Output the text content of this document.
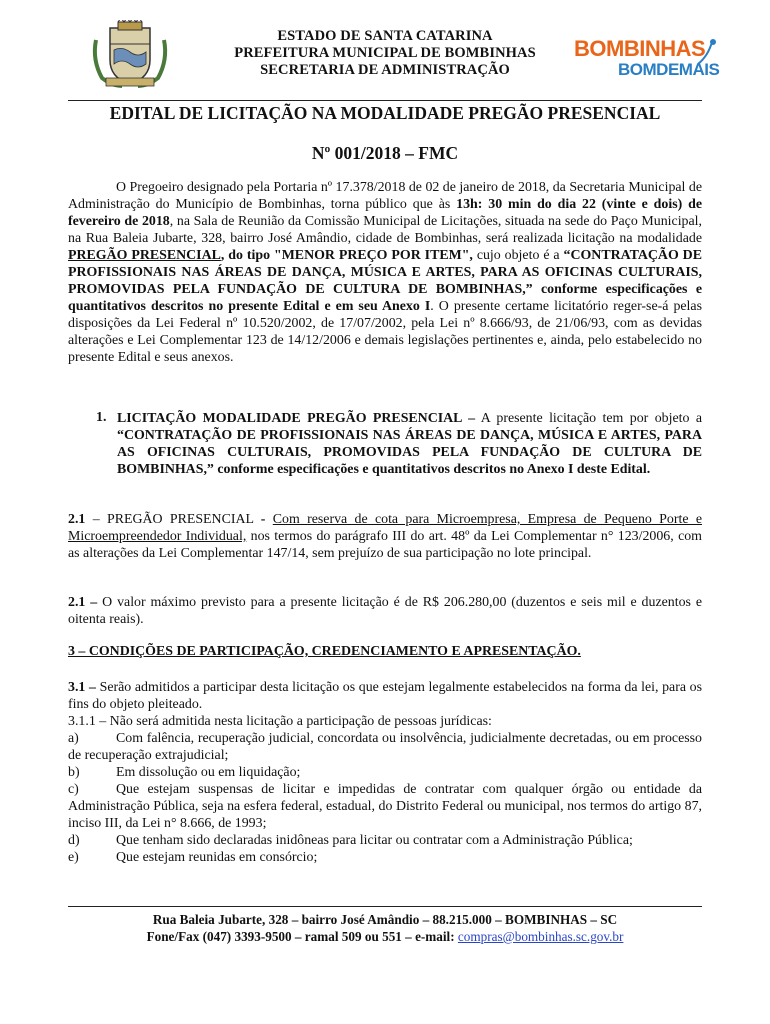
ESTADO DE SANTA CATARINA
PREFEITURA MUNICIPAL DE BOMBINHAS
SECRETARIA DE ADMINISTRAÇÃO
BOMBINHAS
BOMDEMAIS
EDITAL DE LICITAÇÃO NA MODALIDADE PREGÃO PRESENCIAL
Nº 001/2018 – FMC
O Pregoeiro designado pela Portaria nº 17.378/2018 de 02 de janeiro de 2018, da Secretaria Municipal de Administração do Município de Bombinhas, torna público que às 13h: 30 min do dia 22 (vinte e dois) de fevereiro de 2018, na Sala de Reunião da Comissão Municipal de Licitações, situada na sede do Paço Municipal, na Rua Baleia Jubarte, 328, bairro José Amândio, cidade de Bombinhas, será realizada licitação na modalidade PREGÃO PRESENCIAL, do tipo "MENOR PREÇO POR ITEM", cujo objeto é a “CONTRATAÇÃO DE PROFISSIONAIS NAS ÁREAS DE DANÇA, MÚSICA E ARTES, PARA AS OFICINAS CULTURAIS, PROMOVIDAS PELA FUNDAÇÃO DE CULTURA DE BOMBINHAS,” conforme especificações e quantitativos descritos no presente Edital e em seu Anexo I. O presente certame licitatório reger-se-á pelas disposições da Lei Federal nº 10.520/2002, de 17/07/2002, pela Lei nº 8.666/93, de 21/06/93, com as devidas alterações e Lei Complementar 123 de 14/12/2006 e demais legislações pertinentes e, ainda, pelo estabelecido no presente Edital e seus anexos.
1. LICITAÇÃO MODALIDADE PREGÃO PRESENCIAL – A presente licitação tem por objeto a “CONTRATAÇÃO DE PROFISSIONAIS NAS ÁREAS DE DANÇA, MÚSICA E ARTES, PARA AS OFICINAS CULTURAIS, PROMOVIDAS PELA FUNDAÇÃO DE CULTURA DE BOMBINHAS,” conforme especificações e quantitativos descritos no Anexo I deste Edital.
2.1 – PREGÃO PRESENCIAL - Com reserva de cota para Microempresa, Empresa de Pequeno Porte e Microempreendedor Individual, nos termos do parágrafo III do art. 48º da Lei Complementar n° 123/2006, com as alterações da Lei Complementar 147/14, sem prejuízo de sua participação no lote principal.
2.1 – O valor máximo previsto para a presente licitação é de R$ 206.280,00 (duzentos e seis mil e duzentos e oitenta reais).
3 – CONDIÇÕES DE PARTICIPAÇÃO, CREDENCIAMENTO E APRESENTAÇÃO.
3.1 – Serão admitidos a participar desta licitação os que estejam legalmente estabelecidos na forma da lei, para os fins do objeto pleiteado.
3.1.1 – Não será admitida nesta licitação a participação de pessoas jurídicas:
a)	Com falência, recuperação judicial, concordata ou insolvência, judicialmente decretadas, ou em processo de recuperação extrajudicial;
b)	Em dissolução ou em liquidação;
c)	Que estejam suspensas de licitar e impedidas de contratar com qualquer órgão ou entidade da Administração Pública, seja na esfera federal, estadual, do Distrito Federal ou municipal, nos termos do artigo 87, inciso III, da Lei n° 8.666, de 1993;
d)	Que tenham sido declaradas inidôneas para licitar ou contratar com a Administração Pública;
e)	Que estejam reunidas em consórcio;
Rua Baleia Jubarte, 328 – bairro José Amândio – 88.215.000 – BOMBINHAS – SC
Fone/Fax (047) 3393-9500 – ramal 509 ou 551 – e-mail: compras@bombinhas.sc.gov.br
